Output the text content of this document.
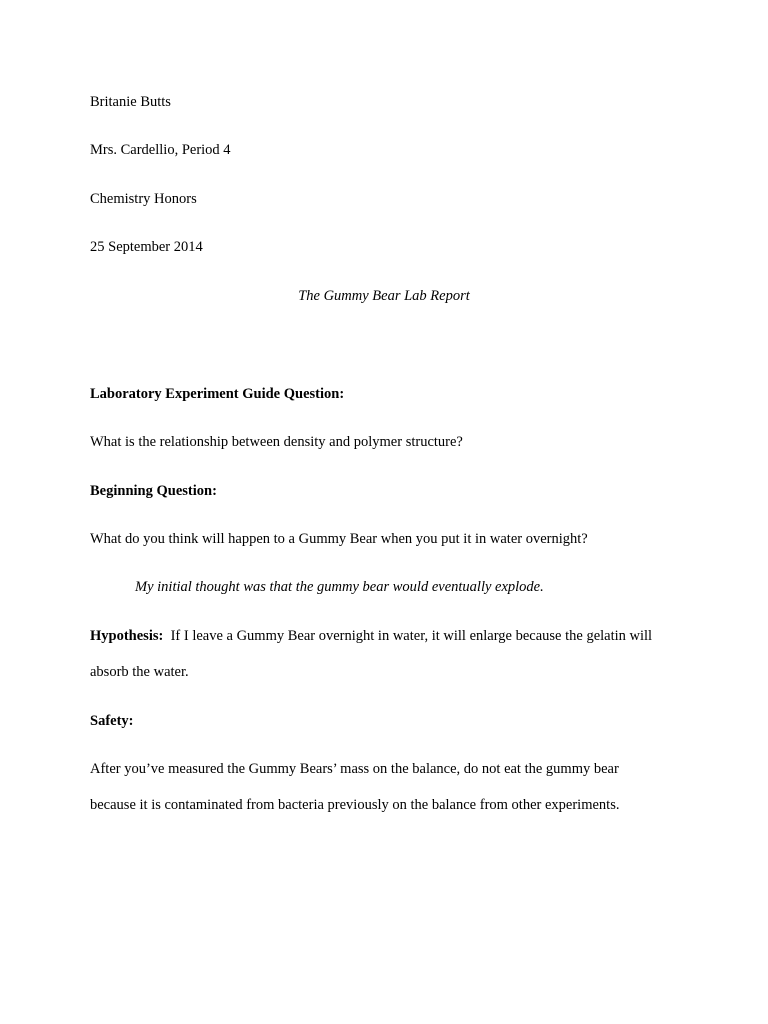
Britanie Butts
Mrs. Cardellio, Period 4
Chemistry Honors
25 September 2014
The Gummy Bear Lab Report
Laboratory Experiment Guide Question:
What is the relationship between density and polymer structure?
Beginning Question:
What do you think will happen to a Gummy Bear when you put it in water overnight?
My initial thought was that the gummy bear would eventually explode.
Hypothesis: If I leave a Gummy Bear overnight in water, it will enlarge because the gelatin will
absorb the water.
Safety:
After you’ve measured the Gummy Bears’ mass on the balance, do not eat the gummy bear
because it is contaminated from bacteria previously on the balance from other experiments.
